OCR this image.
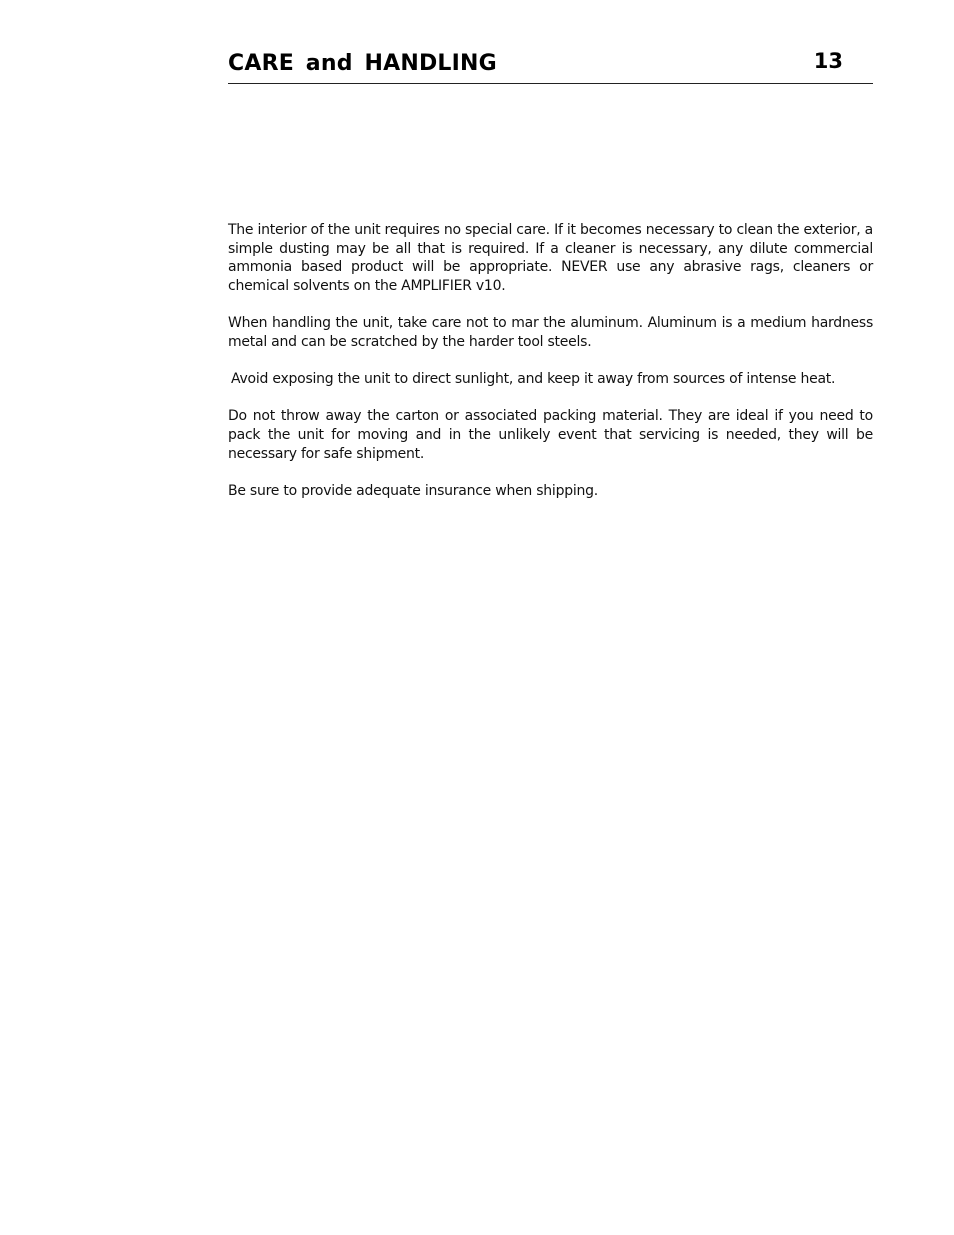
CARE and HANDLING	13

The interior of the unit requires no special care. If it becomes necessary to clean the exterior, a simple dusting may be all that is required. If a cleaner is necessary, any dilute commercial ammonia based product will be appropriate. NEVER use any abrasive rags, cleaners or chemical solvents on the AMPLIFIER v10.

When handling the unit, take care not to mar the aluminum. Aluminum is a medium hardness metal and can be scratched by the harder tool steels.

Avoid exposing the unit to direct sunlight, and keep it away from sources of intense heat.

Do not throw away the carton or associated packing material. They are ideal if you need to pack the unit for moving and in the unlikely event that servicing is needed, they will be necessary for safe shipment.

Be sure to provide adequate insurance when shipping.
